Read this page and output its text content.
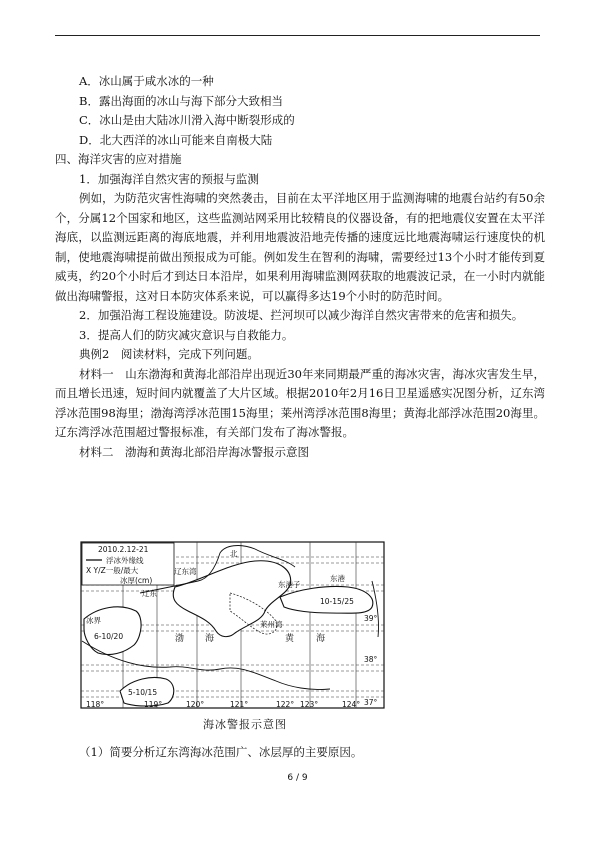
A．冰山属于咸水冰的一种

B．露出海面的冰山与海下部分大致相当

C．冰山是由大陆冰川滑入海中断裂形成的

D．北大西洋的冰山可能来自南极大陆

四、海洋灾害的应对措施

1．加强海洋自然灾害的预报与监测

例如，为防范灾害性海啸的突然袭击，目前在太平洋地区用于监测海啸的地震台站约有50余个，分属12个国家和地区，这些监测站网采用比较精良的仪器设备，有的把地震仪安置在太平洋海底，以监测远距离的海底地震，并利用地震波沿地壳传播的速度远比地震海啸运行速度快的机制，使地震海啸提前做出预报成为可能。例如发生在智利的海啸，需要经过13个小时才能传到夏威夷，约20个小时后才到达日本沿岸，如果利用海啸监测网获取的地震波记录，在一小时内就能做出海啸警报，这对日本防灾体系来说，可以赢得多达19个小时的防范时间。

2．加强沿海工程设施建设。防波堤、拦河坝可以减少海洋自然灾害带来的危害和损失。

3．提高人们的防灾减灾意识与自救能力。

典例2　阅读材料，完成下列问题。

材料一　山东渤海和黄海北部沿岸出现近30年来同期最严重的海冰灾害，海冰灾害发生早，而且增长迅速，短时间内就覆盖了大片区域。根据2010年2月16日卫星遥感实况图分析，辽东湾浮冰范围98海里；渤海湾浮冰范围15海里；莱州湾浮冰范围8海里；黄海北部浮冰范围20海里。辽东湾浮冰范围超过警报标准，有关部门发布了海冰警报。

材料二　渤海和黄海北部沿岸海冰警报示意图

2010.2.12-21
浮冰外缘线
X Y/Z一般/最大
冰厚(cm)
北
辽东湾
辽东
冰界
东港子
东港
10-15/25
6-10/20	渤 海	黄 海
莱州湾
5-10/15
39°
38°
37°
118°	119°	120°	121°	122° 123°	124°
海冰警报示意图
（1）简要分析辽东湾海冰范围广、冰层厚的主要原因。
6 / 9
